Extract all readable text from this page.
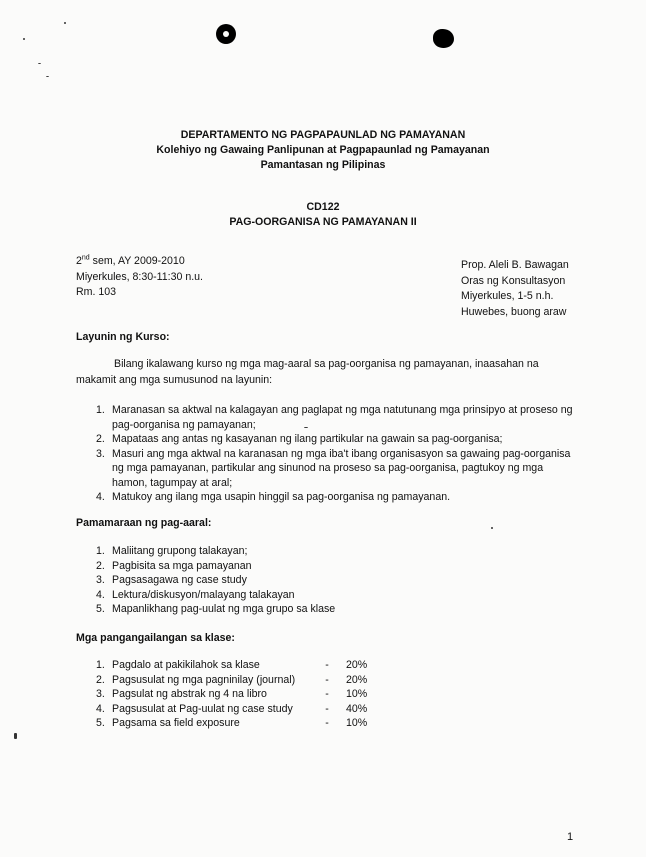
DEPARTAMENTO NG PAGPAPAUNLAD NG PAMAYANAN
Kolehiyo ng Gawaing Panlipunan at Pagpapaunlad ng Pamayanan
Pamantasan ng Pilipinas
CD122
PAG-OORGANISA NG PAMAYANAN II
2nd sem, AY 2009-2010
Miyerkules, 8:30-11:30 n.u.
Rm. 103
Prop. Aleli B. Bawagan
Oras ng Konsultasyon
Miyerkules, 1-5 n.h.
Huwebes, buong araw
Layunin ng Kurso:
Bilang ikalawang kurso ng mga mag-aaral sa pag-oorganisa ng pamayanan, inaasahan na
makamit ang mga sumusunod na layunin:
1. Maranasan sa aktwal na kalagayan ang paglapat ng mga natutunang mga prinsipyo at proseso ng pag-oorganisa ng pamayanan;
2. Mapataas ang antas ng kasayanan ng ilang partikular na gawain sa pag-oorganisa;
3. Masuri ang mga aktwal na karanasan ng mga iba't ibang organisasyon sa gawaing pag-oorganisa ng mga pamayanan, partikular ang sinunod na proseso sa pag-oorganisa, pagtukoy ng mga hamon, tagumpay at aral;
4. Matukoy ang ilang mga usapin hinggil sa pag-oorganisa ng pamayanan.
Pamamaraan ng pag-aaral:
1. Maliitang grupong talakayan;
2. Pagbisita sa mga pamayanan
3. Pagsasagawa ng case study
4. Lektura/diskusyon/malayang talakayan
5. Mapanlikhang pag-uulat ng mga grupo sa klase
Mga pangangailangan sa klase:
1. Pagdalo at pakikilahok sa klase	- 20%
2. Pagsusulat ng mga pagninilay (journal)	- 20%
3. Pagsulat ng abstrak ng 4 na libro	- 10%
4. Pagsusulat at Pag-uulat ng case study	- 40%
5. Pagsama sa field exposure	- 10%
1
